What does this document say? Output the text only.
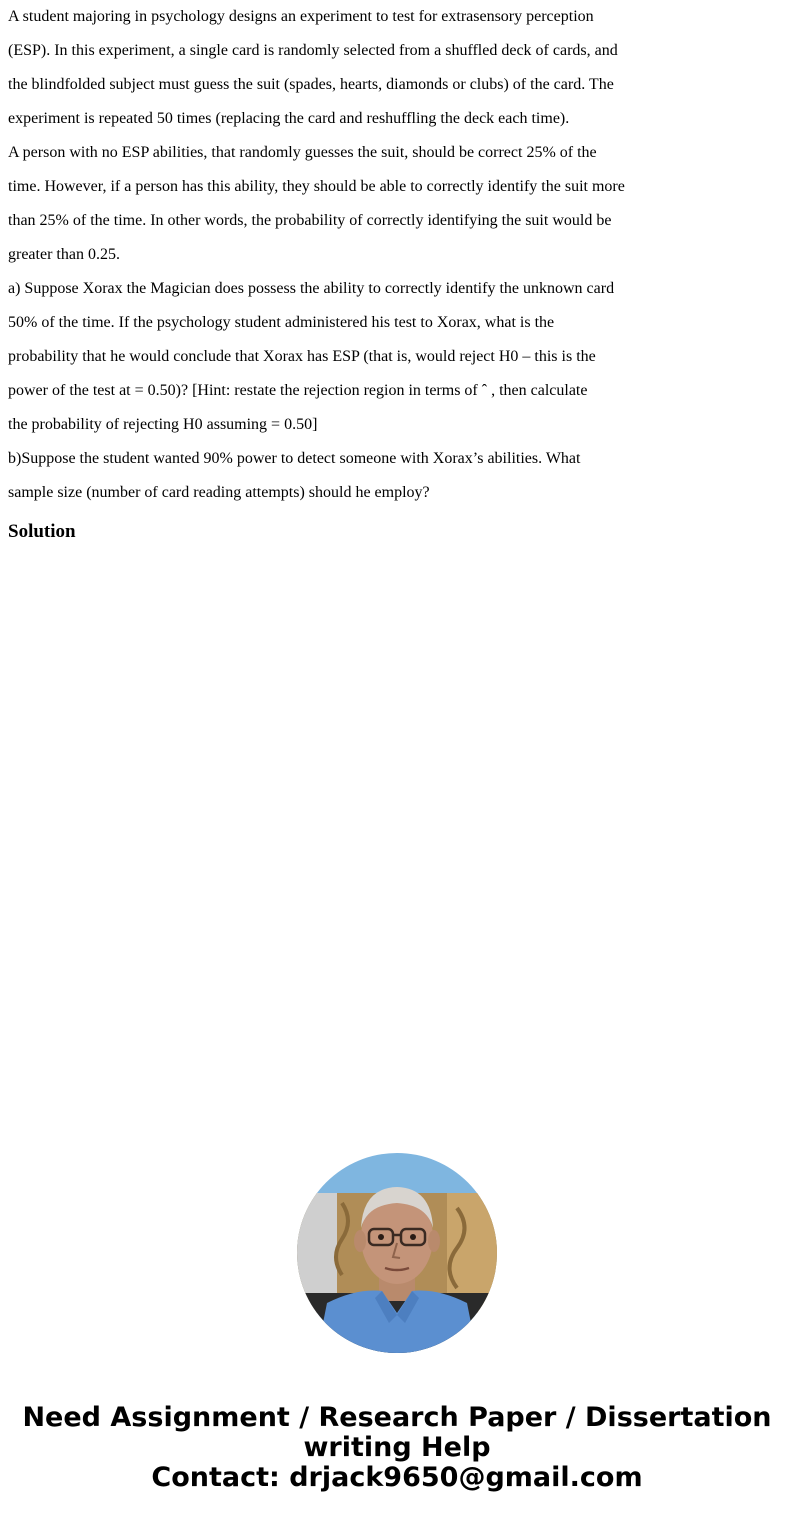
A student majoring in psychology designs an experiment to test for extrasensory perception
(ESP). In this experiment, a single card is randomly selected from a shuffled deck of cards, and
the blindfolded subject must guess the suit (spades, hearts, diamonds or clubs) of the card. The
experiment is repeated 50 times (replacing the card and reshuffling the deck each time).
A person with no ESP abilities, that randomly guesses the suit, should be correct 25% of the
time. However, if a person has this ability, they should be able to correctly identify the suit more
than 25% of the time. In other words, the probability of correctly identifying the suit would be
greater than 0.25.
a) Suppose Xorax the Magician does possess the ability to correctly identify the unknown card
50% of the time. If the psychology student administered his test to Xorax, what is the
probability that he would conclude that Xorax has ESP (that is, would reject H0 – this is the
power of the test at = 0.50)? [Hint: restate the rejection region in terms of ˆ , then calculate
the probability of rejecting H0 assuming = 0.50]
b)Suppose the student wanted 90% power to detect someone with Xorax’s abilities. What
sample size (number of card reading attempts) should he employ?
Solution
Need Assignment / Research Paper / Dissertation
writing Help
Contact: drjack9650@gmail.com
